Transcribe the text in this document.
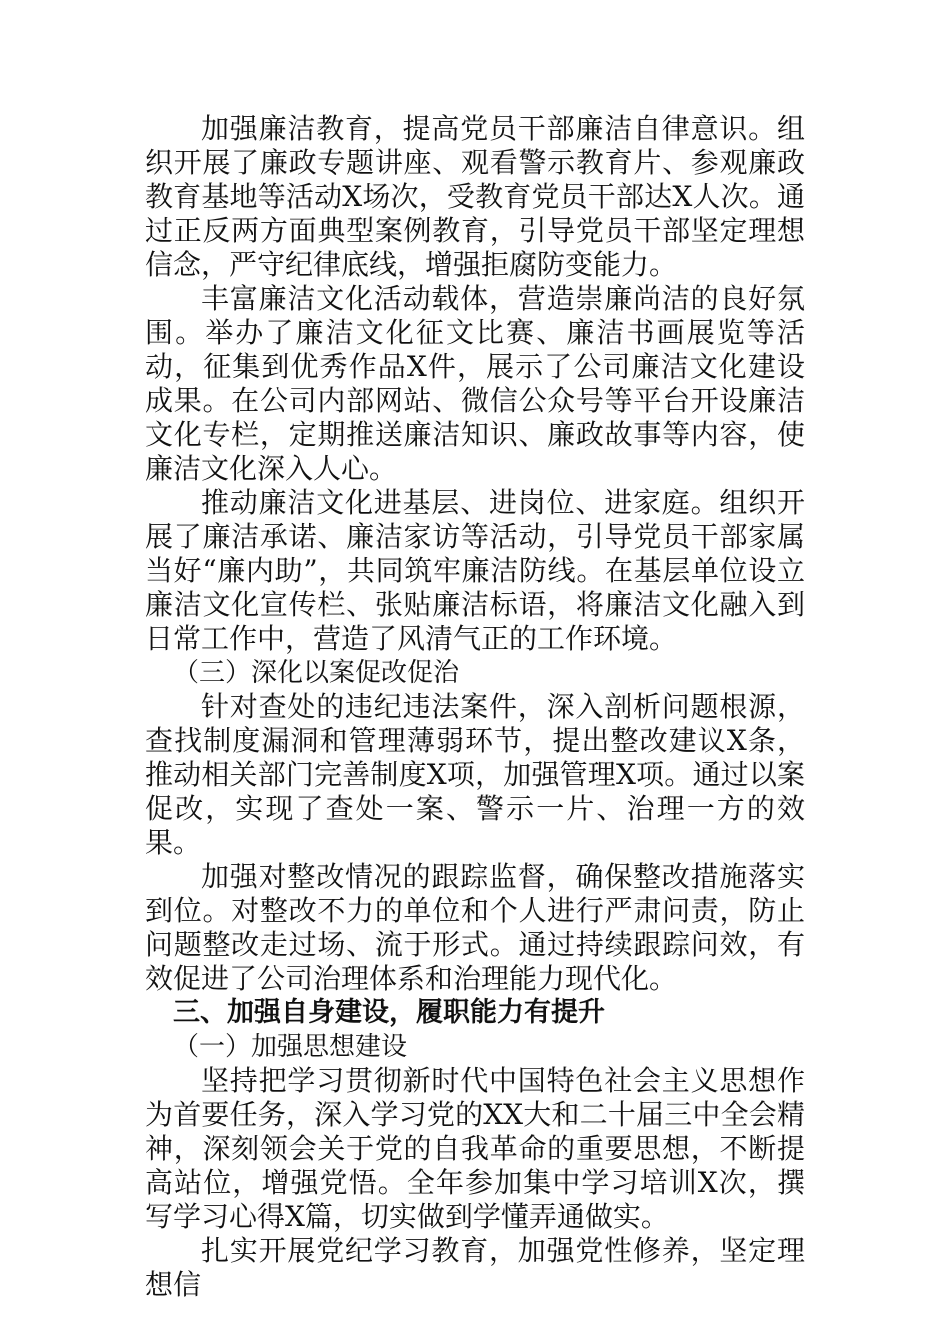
加强廉洁教育，提高党员干部廉洁自律意识。组织开展了廉政专题讲座、观看警示教育片、参观廉政教育基地等活动X场次，受教育党员干部达X人次。通过正反两方面典型案例教育，引导党员干部坚定理想信念，严守纪律底线，增强拒腐防变能力。

丰富廉洁文化活动载体，营造崇廉尚洁的良好氛围。举办了廉洁文化征文比赛、廉洁书画展览等活动，征集到优秀作品X件，展示了公司廉洁文化建设成果。在公司内部网站、微信公众号等平台开设廉洁文化专栏，定期推送廉洁知识、廉政故事等内容，使廉洁文化深入人心。

推动廉洁文化进基层、进岗位、进家庭。组织开展了廉洁承诺、廉洁家访等活动，引导党员干部家属当好“廉内助”，共同筑牢廉洁防线。在基层单位设立廉洁文化宣传栏、张贴廉洁标语，将廉洁文化融入到日常工作中，营造了风清气正的工作环境。

（三）深化以案促改促治

针对查处的违纪违法案件，深入剖析问题根源，查找制度漏洞和管理薄弱环节，提出整改建议X条，推动相关部门完善制度X项，加强管理X项。通过以案促改，实现了查处一案、警示一片、治理一方的效果。

加强对整改情况的跟踪监督，确保整改措施落实到位。对整改不力的单位和个人进行严肃问责，防止问题整改走过场、流于形式。通过持续跟踪问效，有效促进了公司治理体系和治理能力现代化。

三、加强自身建设，履职能力有提升

（一）加强思想建设

坚持把学习贯彻新时代中国特色社会主义思想作为首要任务，深入学习党的XX大和二十届三中全会精神，深刻领会关于党的自我革命的重要思想，不断提高站位，增强党悟。全年参加集中学习培训X次，撰写学习心得X篇，切实做到学懂弄通做实。

扎实开展党纪学习教育，加强党性修养，坚定理想信
